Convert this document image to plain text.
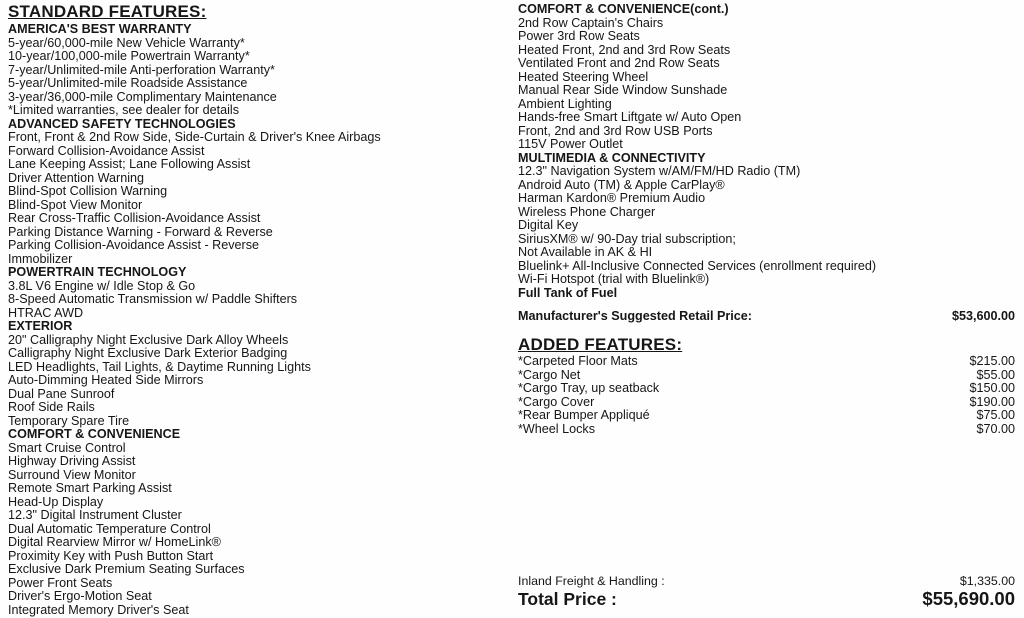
STANDARD FEATURES:
AMERICA'S BEST WARRANTY
5-year/60,000-mile New Vehicle Warranty*
10-year/100,000-mile Powertrain Warranty*
7-year/Unlimited-mile Anti-perforation Warranty*
5-year/Unlimited-mile Roadside Assistance
3-year/36,000-mile Complimentary Maintenance
*Limited warranties, see dealer for details
ADVANCED SAFETY TECHNOLOGIES
Front, Front & 2nd Row Side, Side-Curtain & Driver's Knee Airbags
Forward Collision-Avoidance Assist
Lane Keeping Assist; Lane Following Assist
Driver Attention Warning
Blind-Spot Collision Warning
Blind-Spot View Monitor
Rear Cross-Traffic Collision-Avoidance Assist
Parking Distance Warning - Forward & Reverse
Parking Collision-Avoidance Assist - Reverse
Immobilizer
POWERTRAIN TECHNOLOGY
3.8L V6 Engine w/ Idle Stop & Go
8-Speed Automatic Transmission w/ Paddle Shifters
HTRAC AWD
EXTERIOR
20" Calligraphy Night Exclusive Dark Alloy Wheels
Calligraphy Night Exclusive Dark Exterior Badging
LED Headlights, Tail Lights, & Daytime Running Lights
Auto-Dimming Heated Side Mirrors
Dual Pane Sunroof
Roof Side Rails
Temporary Spare Tire
COMFORT & CONVENIENCE
Smart Cruise Control
Highway Driving Assist
Surround View Monitor
Remote Smart Parking Assist
Head-Up Display
12.3" Digital Instrument Cluster
Dual Automatic Temperature Control
Digital Rearview Mirror w/ HomeLink®
Proximity Key with Push Button Start
Exclusive Dark Premium Seating Surfaces
Power Front Seats
Driver's Ergo-Motion Seat
Integrated Memory Driver's Seat
COMFORT & CONVENIENCE(cont.)
2nd Row Captain's Chairs
Power 3rd Row Seats
Heated Front, 2nd and 3rd Row Seats
Ventilated Front and 2nd Row Seats
Heated Steering Wheel
Manual Rear Side Window Sunshade
Ambient Lighting
Hands-free Smart Liftgate w/ Auto Open
Front, 2nd and 3rd Row USB Ports
115V Power Outlet
MULTIMEDIA & CONNECTIVITY
12.3" Navigation System w/AM/FM/HD Radio (TM)
Android Auto (TM) & Apple CarPlay®
Harman Kardon® Premium Audio
Wireless Phone Charger
Digital Key
SiriusXM® w/ 90-Day trial subscription;
Not Available in AK & HI
Bluelink+ All-Inclusive Connected Services (enrollment required)
Wi-Fi Hotspot (trial with Bluelink®)
Full Tank of Fuel
Manufacturer's Suggested Retail Price:	$53,600.00
ADDED FEATURES:
*Carpeted Floor Mats	$215.00
*Cargo Net	$55.00
*Cargo Tray, up seatback	$150.00
*Cargo Cover	$190.00
*Rear Bumper Appliqué	$75.00
*Wheel Locks	$70.00
Inland Freight & Handling :	$1,335.00
Total Price :	$55,690.00
